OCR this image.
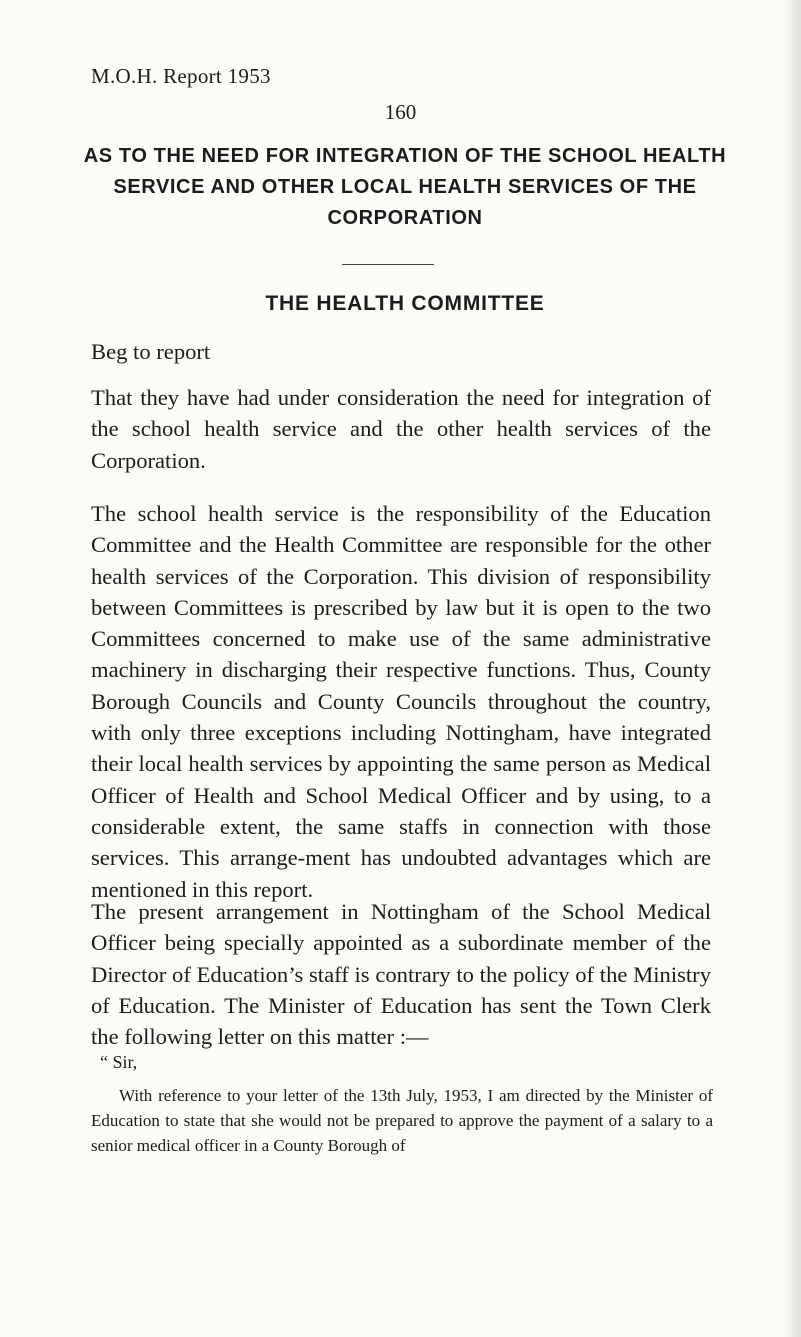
M.O.H. Report 1953

160
AS TO THE NEED FOR INTEGRATION OF THE SCHOOL HEALTH SERVICE AND OTHER LOCAL HEALTH SERVICES OF THE CORPORATION
THE HEALTH COMMITTEE

Beg to report

That they have had under consideration the need for integration of the school health service and the other health services of the Corporation.

The school health service is the responsibility of the Education Committee and the Health Committee are responsible for the other health services of the Corporation. This division of responsibility between Committees is prescribed by law but it is open to the two Committees concerned to make use of the same administrative machinery in discharging their respective functions. Thus, County Borough Councils and County Councils throughout the country, with only three exceptions including Nottingham, have integrated their local health services by appointing the same person as Medical Officer of Health and School Medical Officer and by using, to a considerable extent, the same staffs in connection with those services. This arrange-ment has undoubted advantages which are mentioned in this report.

The present arrangement in Nottingham of the School Medical Officer being specially appointed as a subordinate member of the Director of Education’s staff is contrary to the policy of the Ministry of Education. The Minister of Education has sent the Town Clerk the following letter on this matter :—

“ Sir,

With reference to your letter of the 13th July, 1953, I am directed by the Minister of Education to state that she would not be prepared to approve the payment of a salary to a senior medical officer in a County Borough of
